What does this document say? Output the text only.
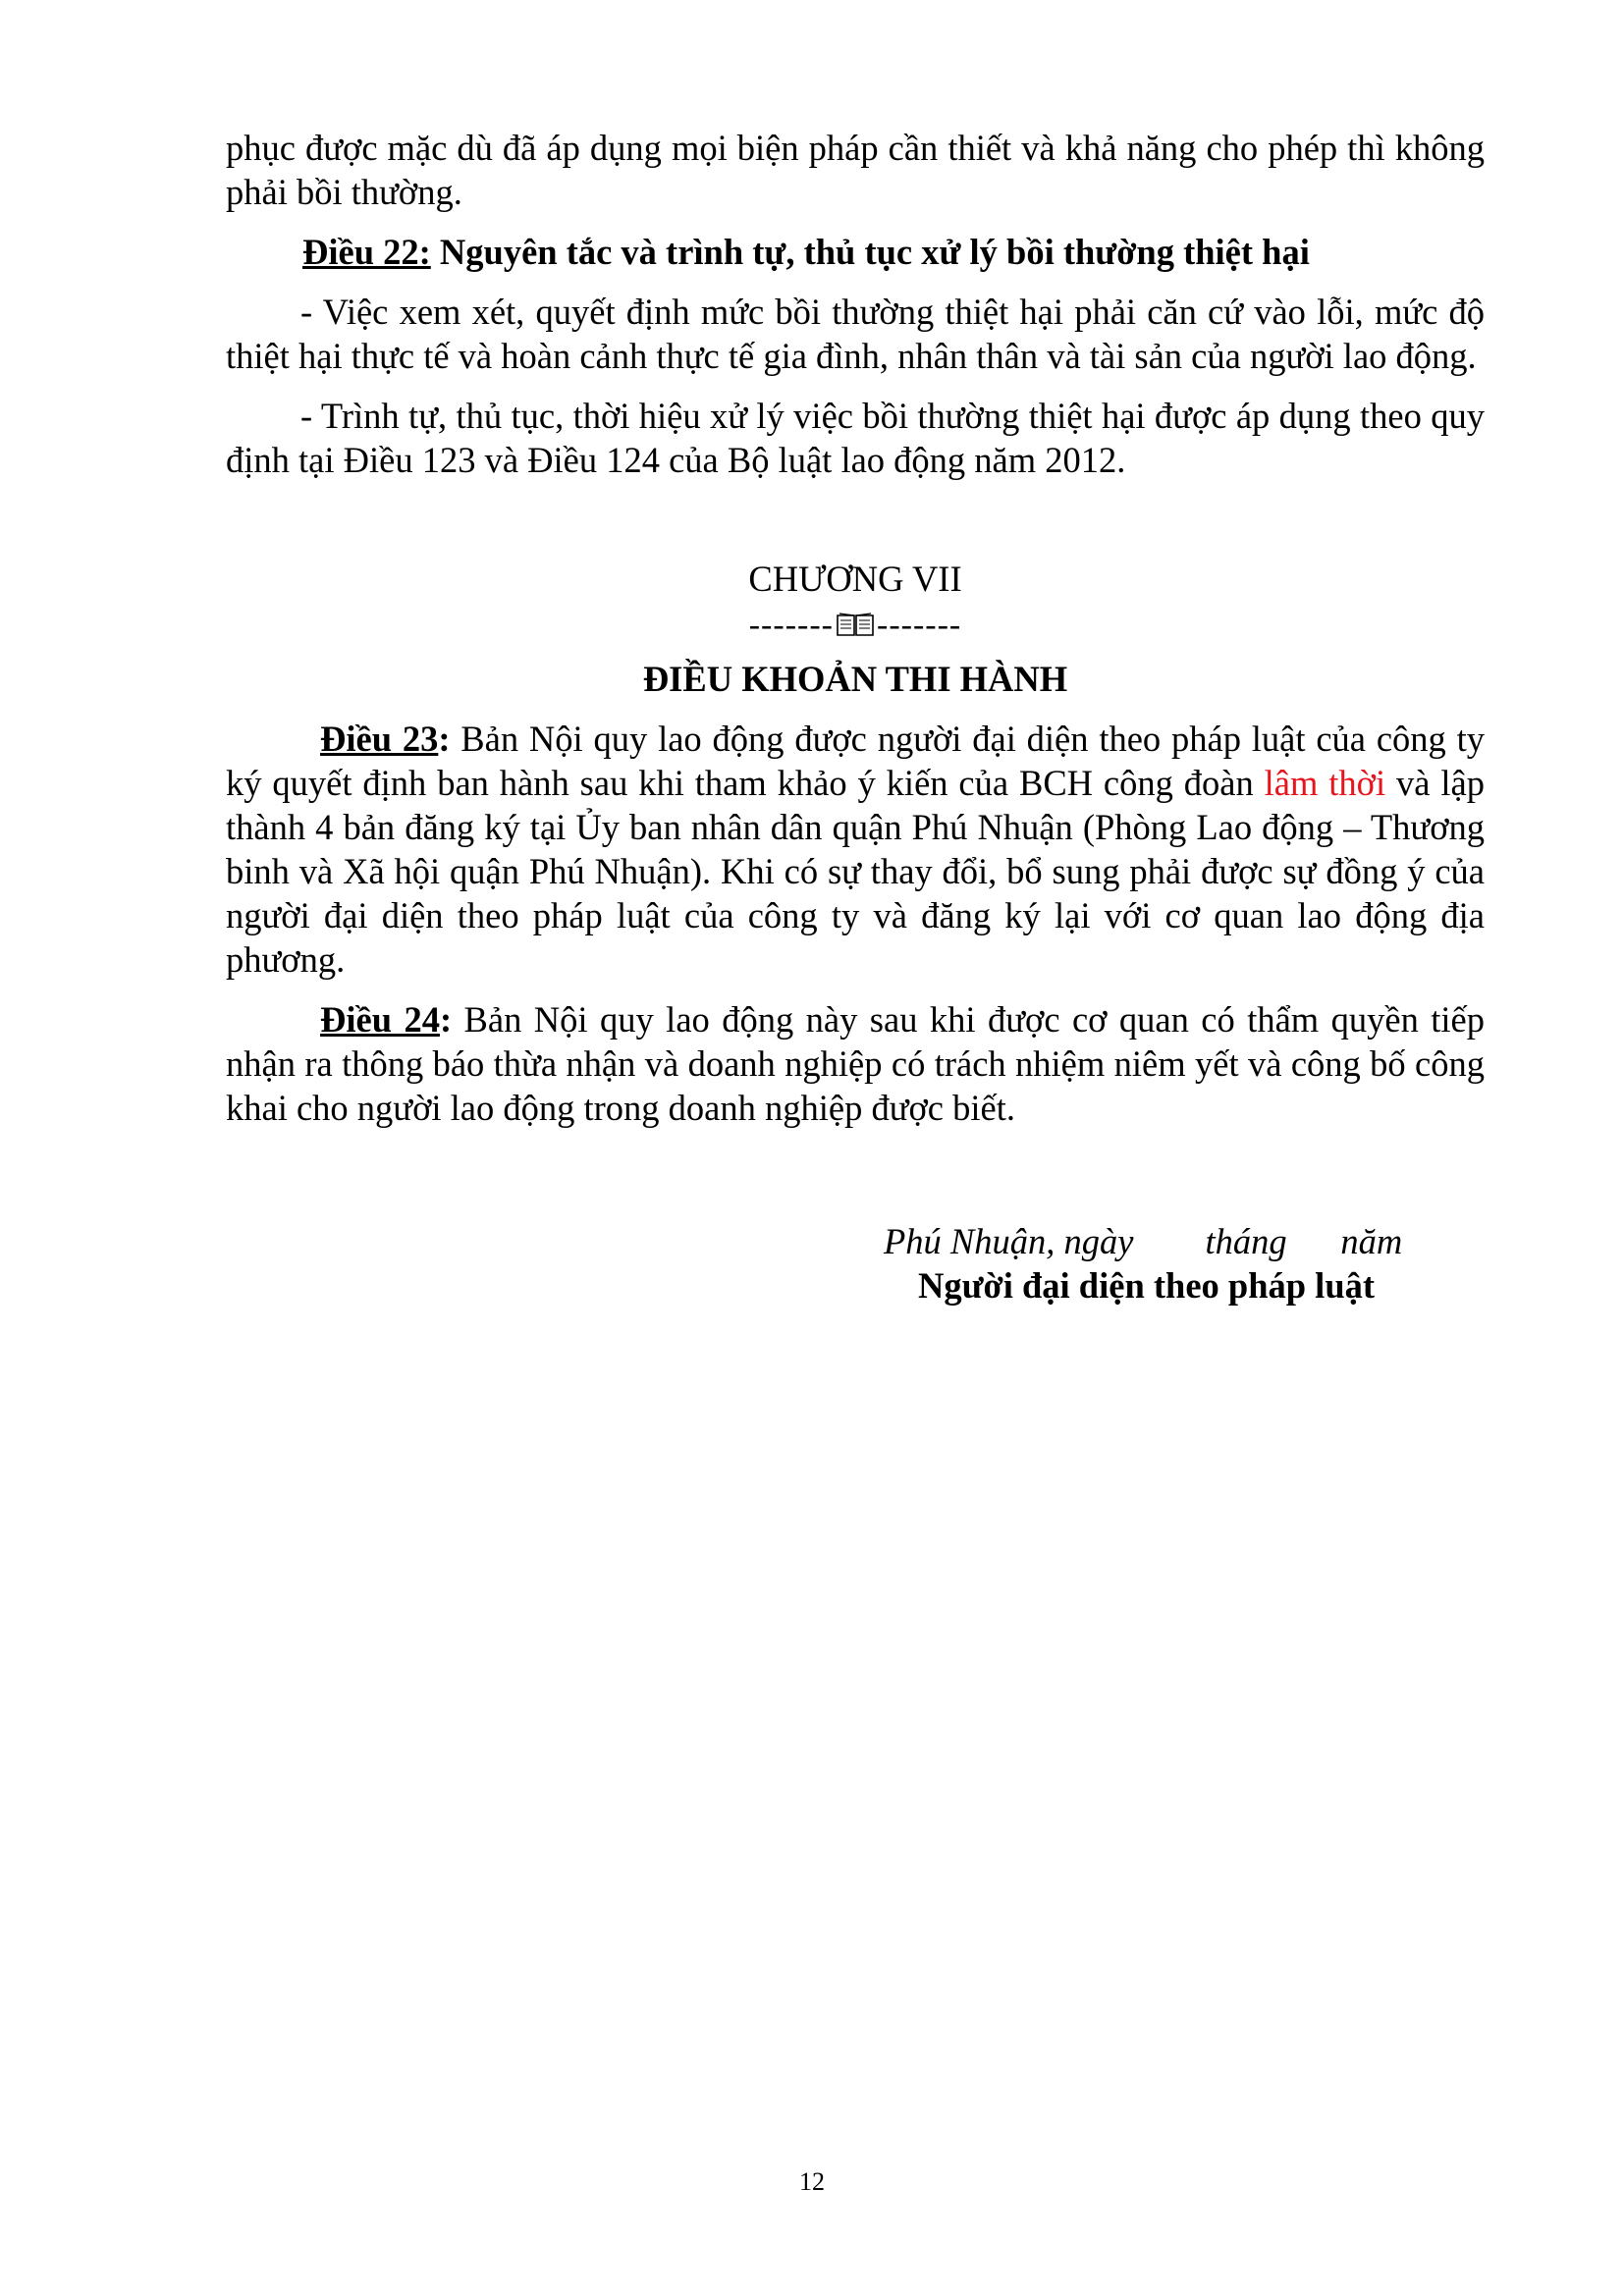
phục được mặc dù đã áp dụng mọi biện pháp cần thiết và khả năng cho phép thì không phải bồi thường.

Điều 22: Nguyên tắc và trình tự, thủ tục xử lý bồi thường thiệt hại

- Việc xem xét, quyết định mức bồi thường thiệt hại phải căn cứ vào lỗi, mức độ thiệt hại thực tế và hoàn cảnh thực tế gia đình, nhân thân và tài sản của người lao động.

- Trình tự, thủ tục, thời hiệu xử lý việc bồi thường thiệt hại được áp dụng theo quy định tại Điều 123 và Điều 124 của Bộ luật lao động năm 2012.

CHƯƠNG VII

------- -------

ĐIỀU KHOẢN THI HÀNH

Điều 23: Bản Nội quy lao động được người đại diện theo pháp luật của công ty ký quyết định ban hành sau khi tham khảo ý kiến của BCH công đoàn lâm thời và lập thành 4 bản đăng ký tại Ủy ban nhân dân quận Phú Nhuận (Phòng Lao động – Thương binh và Xã hội quận Phú Nhuận). Khi có sự thay đổi, bổ sung phải được sự đồng ý của người đại diện theo pháp luật của công ty và đăng ký lại với cơ quan lao động địa phương.

Điều 24: Bản Nội quy lao động này sau khi được cơ quan có thẩm quyền tiếp nhận ra thông báo thừa nhận và doanh nghiệp có trách nhiệm niêm yết và công bố công khai cho người lao động trong doanh nghiệp được biết.

Phú Nhuận, ngày        tháng      năm
Người đại diện theo pháp luật
12
